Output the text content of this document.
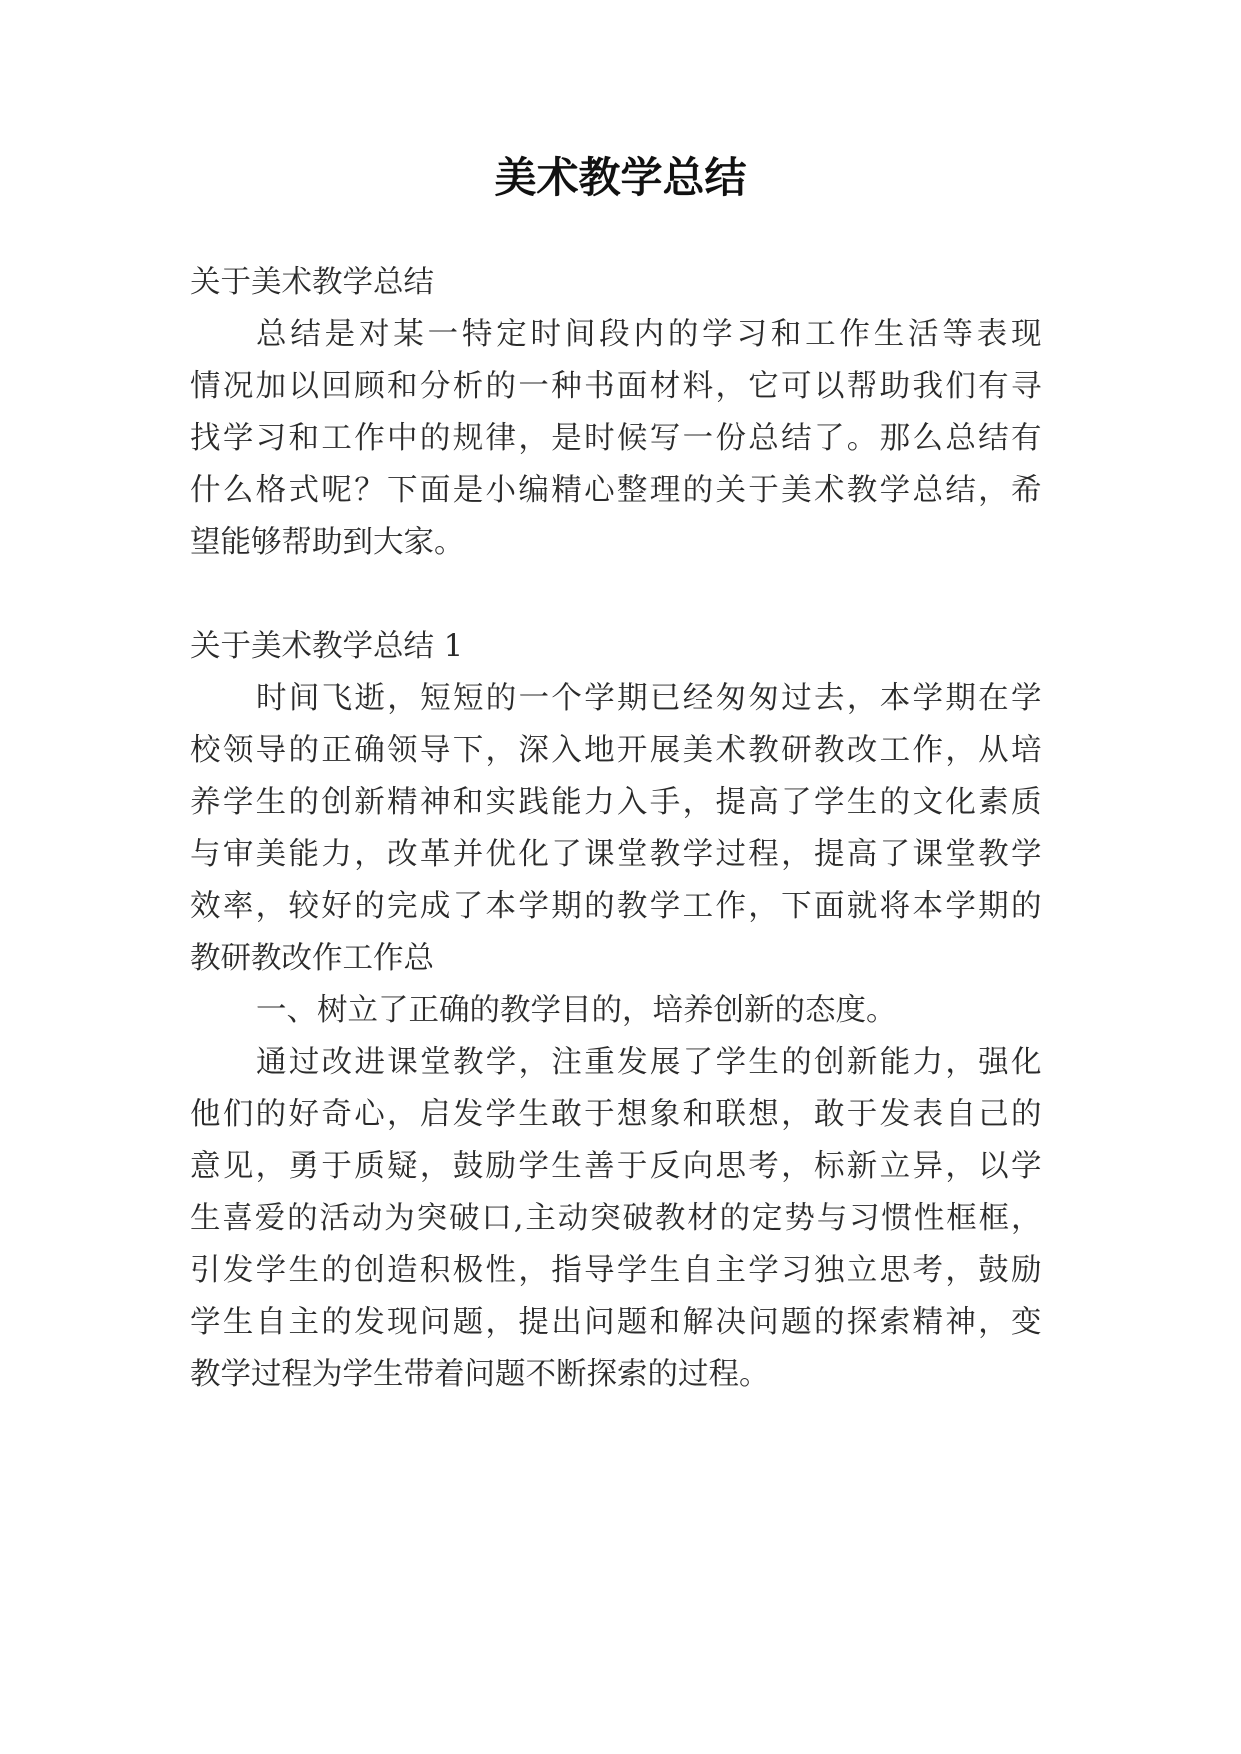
美术教学总结
关于美术教学总结
总结是对某一特定时间段内的学习和工作生活等表现
情况加以回顾和分析的一种书面材料，它可以帮助我们有寻
找学习和工作中的规律，是时候写一份总结了。那么总结有
什么格式呢？下面是小编精心整理的关于美术教学总结，希
望能够帮助到大家。
关于美术教学总结 1
时间飞逝，短短的一个学期已经匆匆过去，本学期在学
校领导的正确领导下，深入地开展美术教研教改工作，从培
养学生的创新精神和实践能力入手，提高了学生的文化素质
与审美能力，改革并优化了课堂教学过程，提高了课堂教学
效率，较好的完成了本学期的教学工作，下面就将本学期的
教研教改作工作总
一、树立了正确的教学目的，培养创新的态度。
通过改进课堂教学，注重发展了学生的创新能力，强化
他们的好奇心，启发学生敢于想象和联想，敢于发表自己的
意见，勇于质疑，鼓励学生善于反向思考，标新立异，以学
生喜爱的活动为突破口,主动突破教材的定势与习惯性框框，
引发学生的创造积极性，指导学生自主学习独立思考，鼓励
学生自主的发现问题，提出问题和解决问题的探索精神，变
教学过程为学生带着问题不断探索的过程。
